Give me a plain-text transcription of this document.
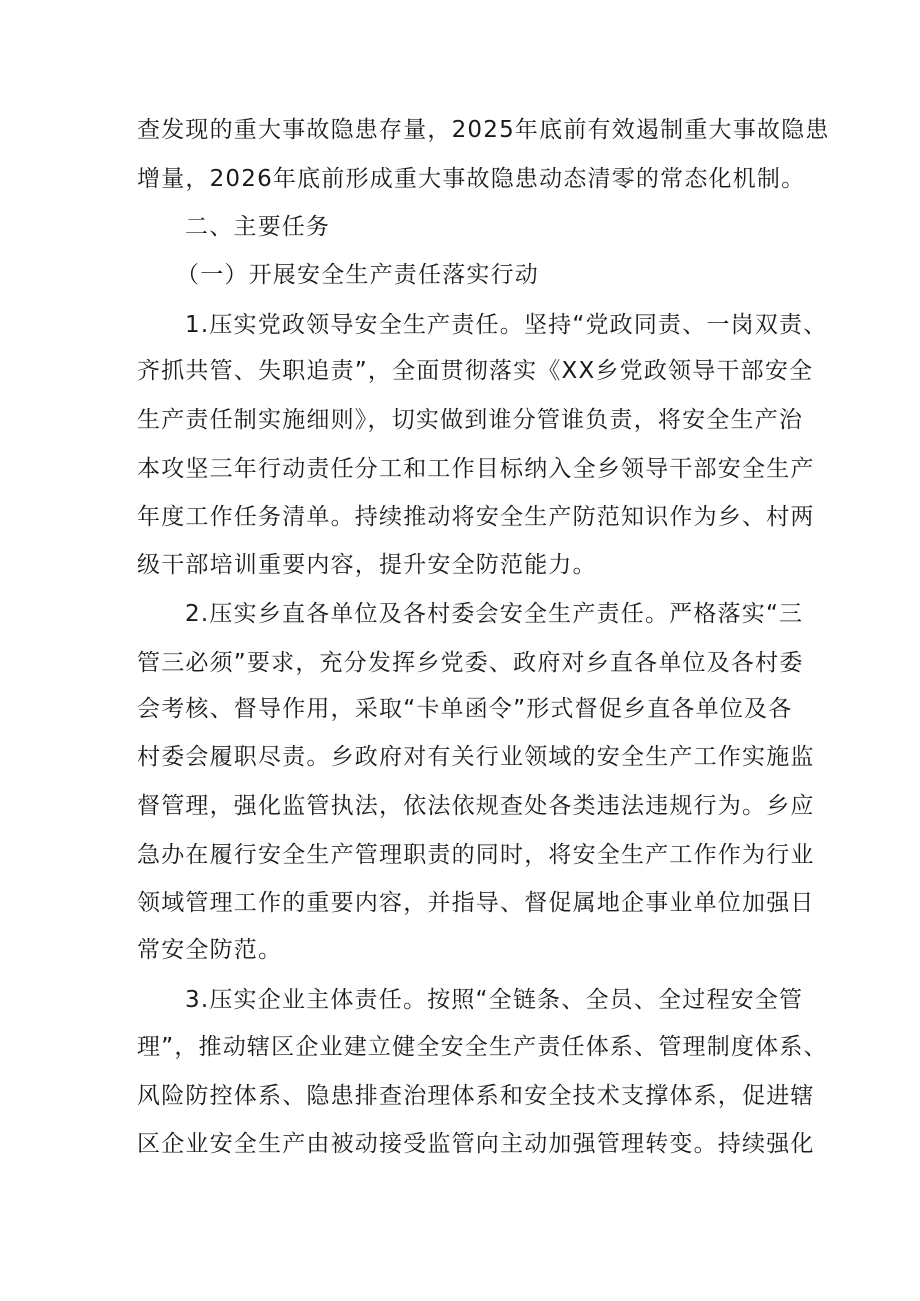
查发现的重大事故隐患存量，2025年底前有效遏制重大事故隐患
增量，2026年底前形成重大事故隐患动态清零的常态化机制。
二、主要任务
（一）开展安全生产责任落实行动
1.压实党政领导安全生产责任。坚持“党政同责、一岗双责、
齐抓共管、失职追责”，全面贯彻落实《XX乡党政领导干部安全
生产责任制实施细则》，切实做到谁分管谁负责，将安全生产治
本攻坚三年行动责任分工和工作目标纳入全乡领导干部安全生产
年度工作任务清单。持续推动将安全生产防范知识作为乡、村两
级干部培训重要内容，提升安全防范能力。
2.压实乡直各单位及各村委会安全生产责任。严格落实“三
管三必须”要求，充分发挥乡党委、政府对乡直各单位及各村委
会考核、督导作用，采取“卡单函令”形式督促乡直各单位及各
村委会履职尽责。乡政府对有关行业领域的安全生产工作实施监
督管理，强化监管执法，依法依规查处各类违法违规行为。乡应
急办在履行安全生产管理职责的同时，将安全生产工作作为行业
领域管理工作的重要内容，并指导、督促属地企事业单位加强日
常安全防范。
3.压实企业主体责任。按照“全链条、全员、全过程安全管
理”，推动辖区企业建立健全安全生产责任体系、管理制度体系、
风险防控体系、隐患排查治理体系和安全技术支撑体系，促进辖
区企业安全生产由被动接受监管向主动加强管理转变。持续强化
